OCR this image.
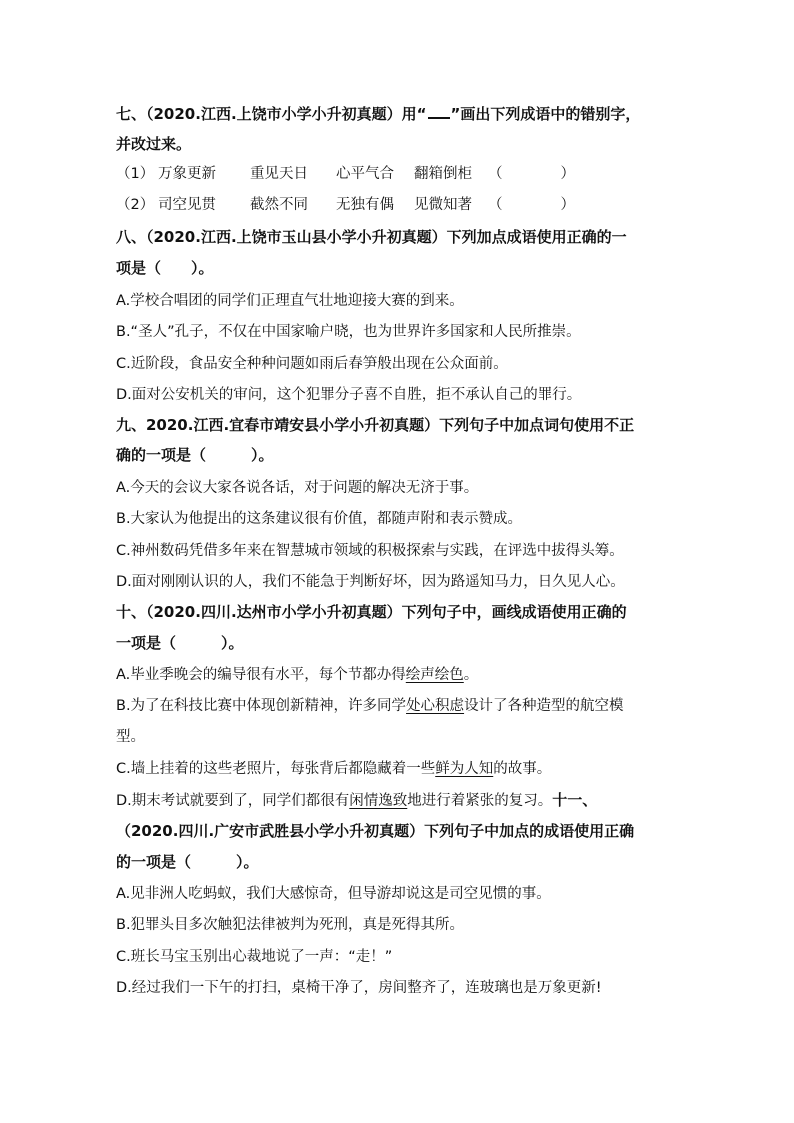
七、（2020.江西.上饶市小学小升初真题）用“ ”画出下列成语中的错别字，
并改过来。
（1） 万象更新 重见天日 心平气合 翻箱倒柜 （　　　　）
（2） 司空见贯 截然不同 无独有偶 见微知著 （　　　　）
八、（2020.江西.上饶市玉山县小学小升初真题）下列加点成语使用正确的一
项是（　　）。
A.学校合唱团的同学们正理直气壮地迎接大赛的到来。
B.“圣人”孔子，不仅在中国家喻户晓，也为世界许多国家和人民所推崇。
C.近阶段，食品安全种种问题如雨后春笋般出现在公众面前。
D.面对公安机关的审问，这个犯罪分子喜不自胜，拒不承认自己的罪行。
九、2020.江西.宜春市靖安县小学小升初真题）下列句子中加点词句使用不正
确的一项是（　　　）。
A.今天的会议大家各说各话，对于问题的解决无济于事。
B.大家认为他提出的这条建议很有价值，都随声附和表示赞成。
C.神州数码凭借多年来在智慧城市领域的积极探索与实践，在评选中拔得头筹。
D.面对刚刚认识的人，我们不能急于判断好坏，因为路遥知马力，日久见人心。
十、（2020.四川.达州市小学小升初真题）下列句子中，画线成语使用正确的
一项是（　　　）。
A.毕业季晚会的编导很有水平，每个节都办得绘声绘色。
B.为了在科技比赛中体现创新精神，许多同学处心积虑设计了各种造型的航空模
型。
C.墙上挂着的这些老照片，每张背后都隐藏着一些鲜为人知的故事。
D.期末考试就要到了，同学们都很有闲情逸致地进行着紧张的复习。十一、
（2020.四川.广安市武胜县小学小升初真题）下列句子中加点的成语使用正确
的一项是（　　　）。
A.见非洲人吃蚂蚁，我们大感惊奇，但导游却说这是司空见惯的事。
B.犯罪头目多次触犯法律被判为死刑，真是死得其所。
C.班长马宝玉别出心裁地说了一声：“走！”
D.经过我们一下午的打扫，桌椅干净了，房间整齐了，连玻璃也是万象更新!
